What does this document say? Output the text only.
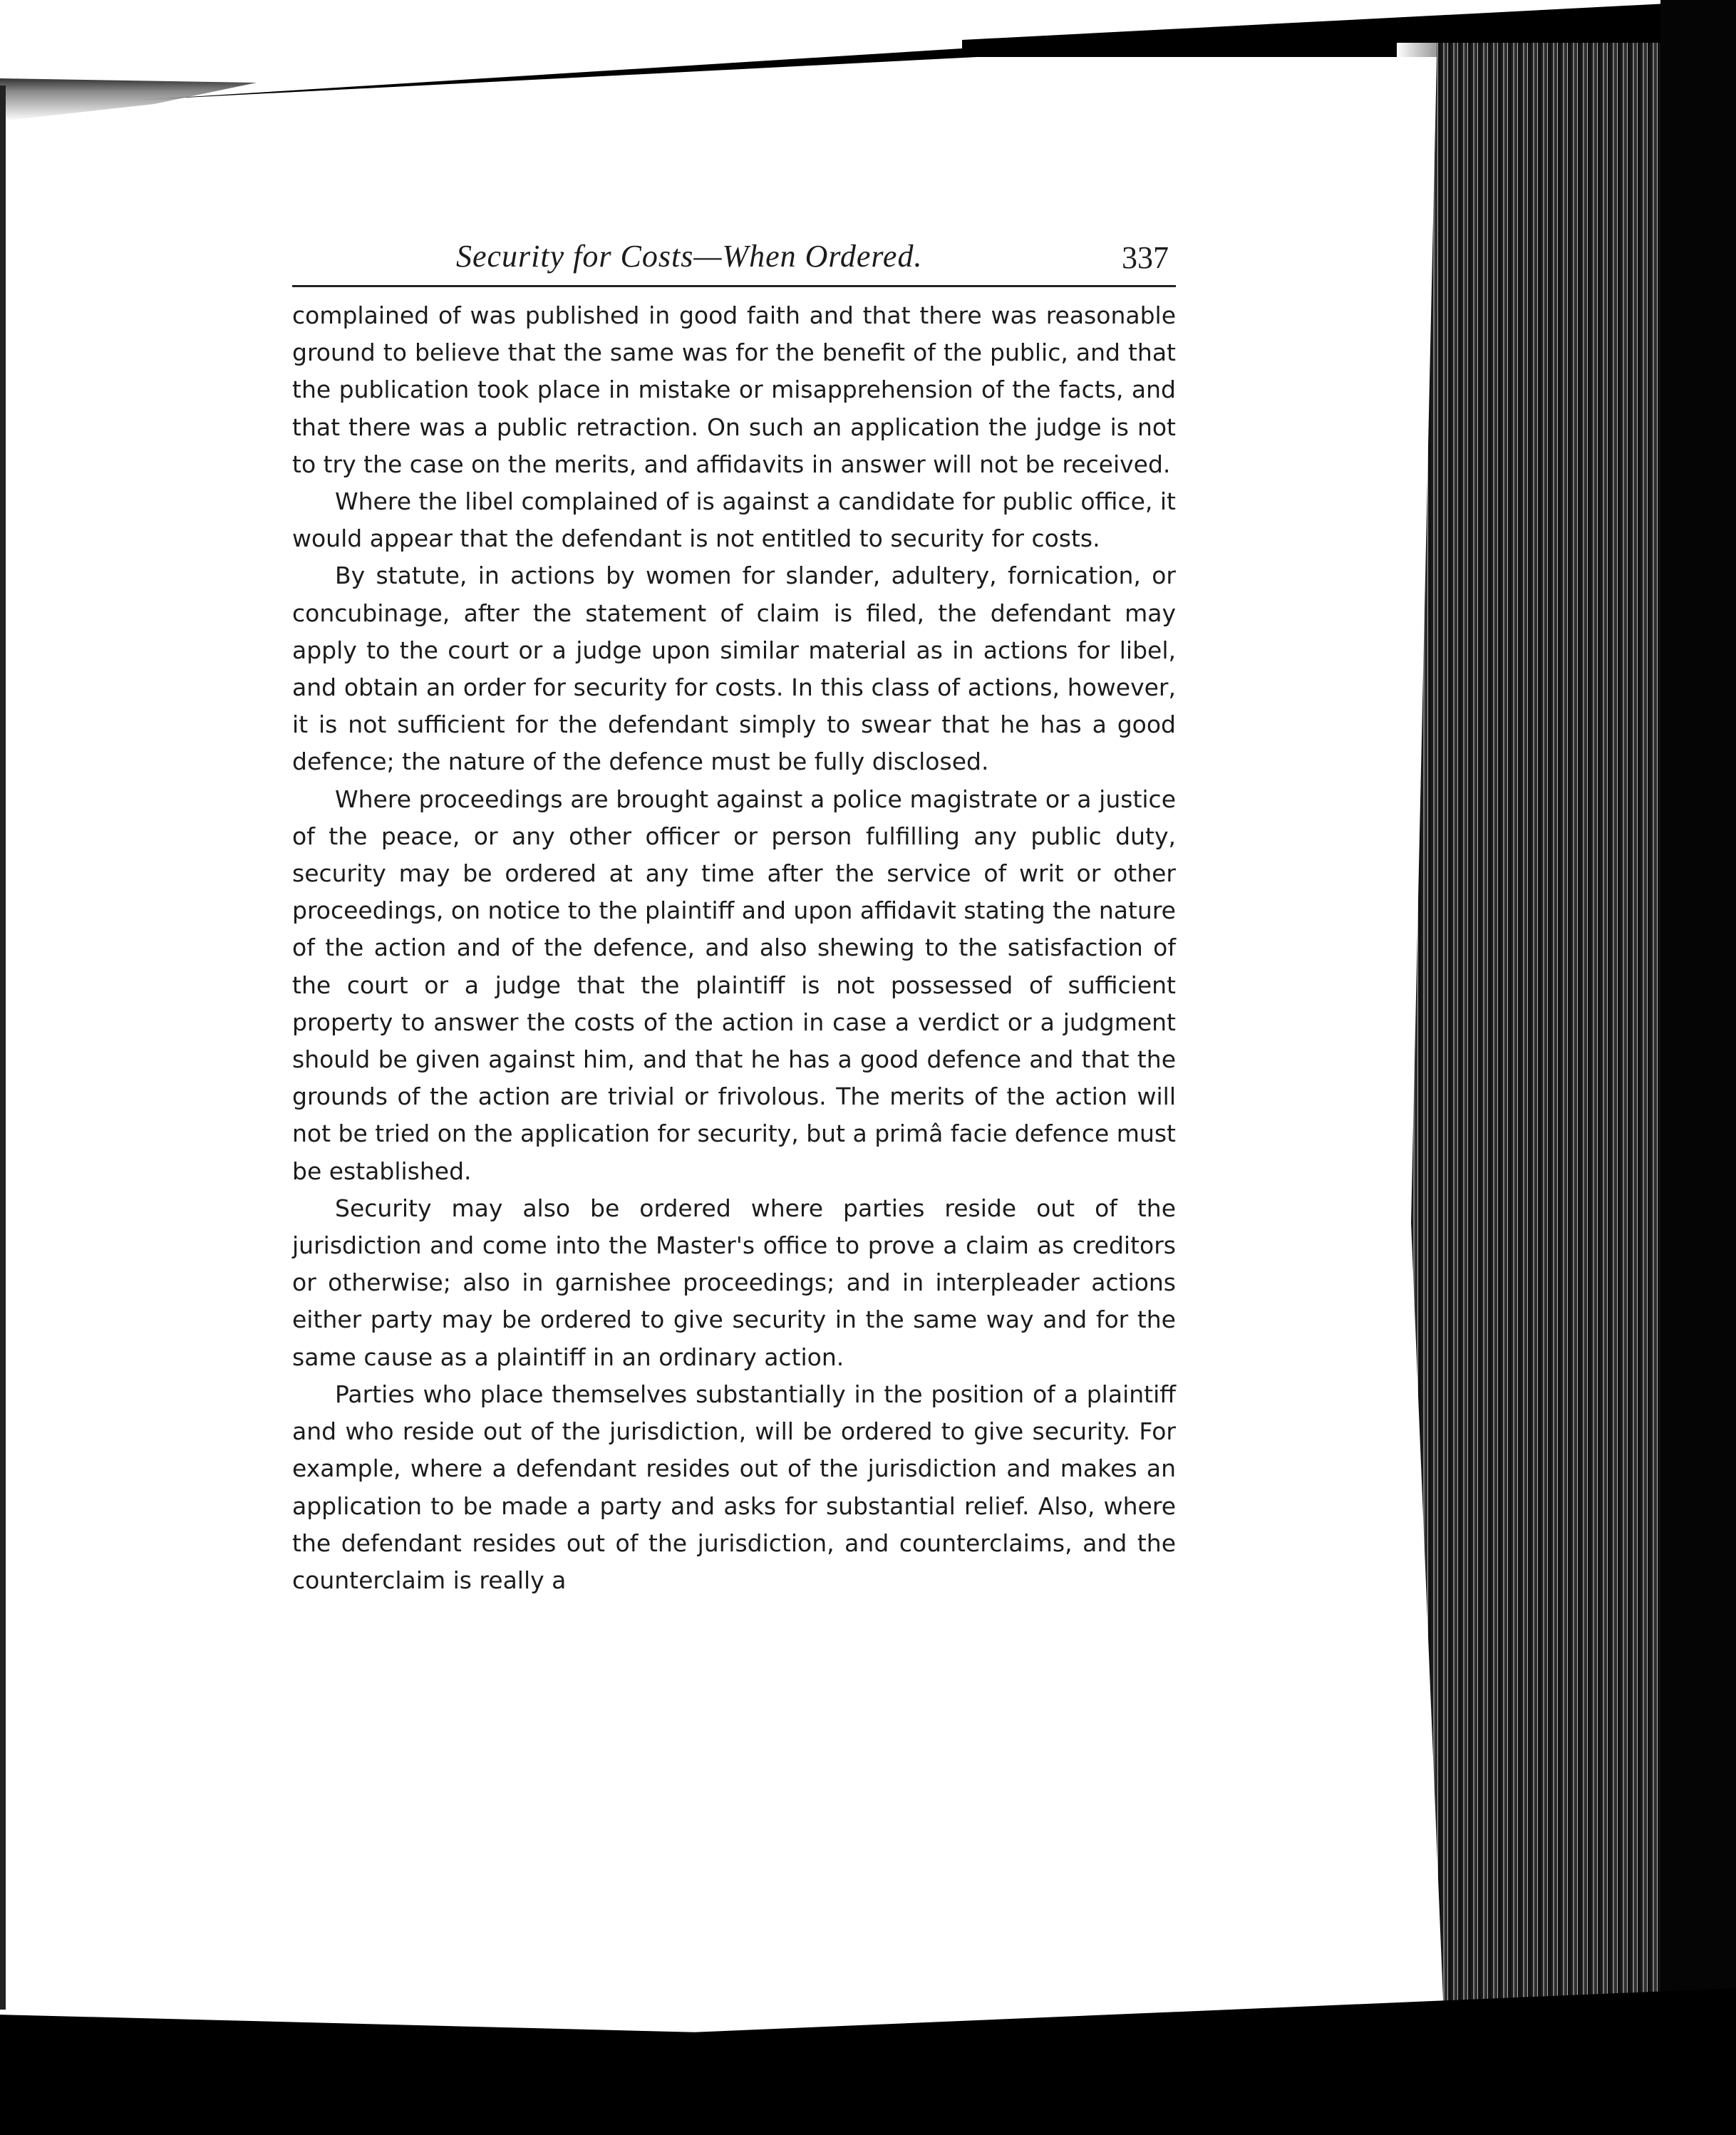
Security for Costs—When Ordered.	337

complained of was published in good faith and that there was reasonable ground to believe that the same was for the benefit of the public, and that the publication took place in mistake or misapprehension of the facts, and that there was a public retraction. On such an application the judge is not to try the case on the merits, and affidavits in answer will not be received.

Where the libel complained of is against a candidate for public office, it would appear that the defendant is not entitled to security for costs.

By statute, in actions by women for slander, adultery, fornication, or concubinage, after the statement of claim is filed, the defendant may apply to the court or a judge upon similar material as in actions for libel, and obtain an order for security for costs. In this class of actions, however, it is not sufficient for the defendant simply to swear that he has a good defence; the nature of the defence must be fully disclosed.

Where proceedings are brought against a police magistrate or a justice of the peace, or any other officer or person fulfilling any public duty, security may be ordered at any time after the service of writ or other proceedings, on notice to the plaintiff and upon affidavit stating the nature of the action and of the defence, and also shewing to the satisfaction of the court or a judge that the plaintiff is not possessed of sufficient property to answer the costs of the action in case a verdict or a judgment should be given against him, and that he has a good defence and that the grounds of the action are trivial or frivolous. The merits of the action will not be tried on the application for security, but a primâ facie defence must be established.

Security may also be ordered where parties reside out of the jurisdiction and come into the Master's office to prove a claim as creditors or otherwise; also in garnishee proceedings; and in interpleader actions either party may be ordered to give security in the same way and for the same cause as a plaintiff in an ordinary action.

Parties who place themselves substantially in the position of a plaintiff and who reside out of the jurisdiction, will be ordered to give security. For example, where a defendant resides out of the jurisdiction and makes an application to be made a party and asks for substantial relief. Also, where the defendant resides out of the jurisdiction, and counterclaims, and the counterclaim is really a
